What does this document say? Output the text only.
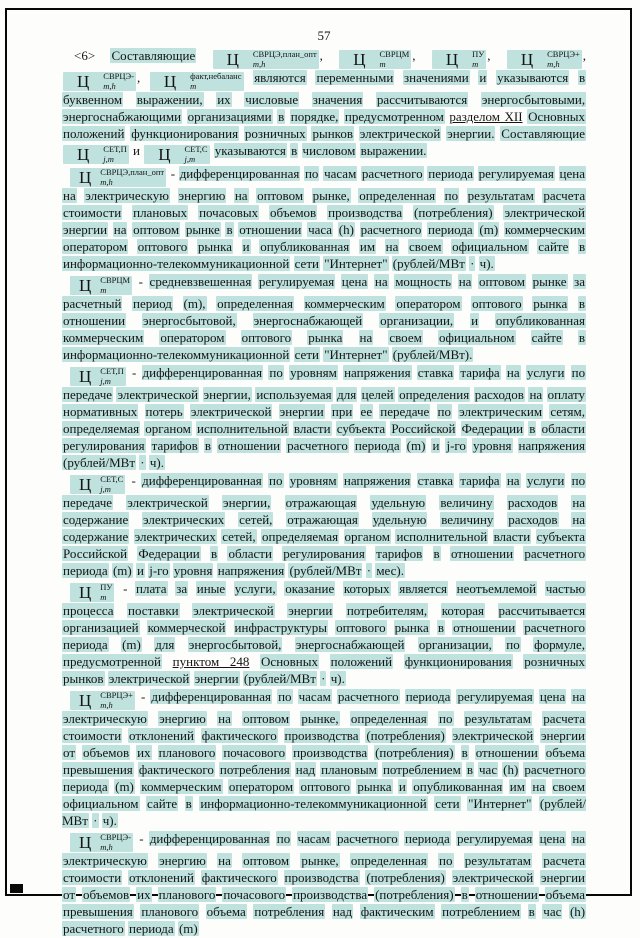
57
<6> Составляющие	Ц	СВРЦЭ,план_опт
m,h
, Ц	СВРЦМ
m
, Ц	ПУ
m
, Ц	СВРЦЭ+
m,h
,
Ц	СВРЦЭ-
m,h
, Ц	факт,небаланс
m
являются переменными значениями и указываются в буквенном выражении, их числовые значения рассчитываются энергосбытовыми, энергоснабжающими организациями в порядке, предусмотренном разделом XII Основных положений функционирования розничных рынков электрической энергии. Составляющие
Ц	СЕТ,П
j,m
и Ц	СЕТ,С
j,m
указываются в числовом выражении.
Ц	СВРЦЭ,план_опт
m,h
- дифференцированная по часам расчетного периода регулируемая цена на электрическую энергию на оптовом рынке, определенная по результатам расчета стоимости плановых почасовых объемов производства (потребления) электрической энергии на оптовом рынке в отношении часа (h) расчетного периода (m) коммерческим оператором оптового рынка и опубликованная им на своем официальном сайте в информационно-телекоммуникационной сети "Интернет" (рублей/МВт · ч).
Ц	СВРЦМ
m
- средневзвешенная регулируемая цена на мощность на оптовом рынке за расчетный период (m), определенная коммерческим оператором оптового рынка в отношении энергосбытовой, энергоснабжающей организации, и опубликованная коммерческим оператором оптового рынка на своем официальном сайте в информационно-телекоммуникационной сети "Интернет" (рублей/МВт).
Ц	СЕТ,П
j,m
- дифференцированная по уровням напряжения ставка тарифа на услуги по передаче электрической энергии, используемая для целей определения расходов на оплату нормативных потерь электрической энергии при ее передаче по электрическим сетям, определяемая органом исполнительной власти субъекта Российской Федерации в области регулирования тарифов в отношении расчетного периода (m) и j-го уровня напряжения (рублей/МВт · ч).
Ц	СЕТ,С
j,m
- дифференцированная по уровням напряжения ставка тарифа на услуги по передаче электрической энергии, отражающая удельную величину расходов на содержание электрических сетей, отражающая удельную величину расходов на содержание электрических сетей, определяемая органом исполнительной власти субъекта Российской Федерации в области регулирования тарифов в отношении расчетного периода (m) и j-го уровня напряжения (рублей/МВт · мес).
Ц	ПУ
m
- плата за иные услуги, оказание которых является неотъемлемой частью процесса поставки электрической энергии потребителям, которая рассчитывается организацией коммерческой инфраструктуры оптового рынка в отношении расчетного периода (m) для энергосбытовой, энергоснабжающей организации, по формуле, предусмотренной пунктом 248 Основных положений функционирования розничных рынков электрической энергии (рублей/МВт · ч).
Ц	СВРЦЭ+
m,h
- дифференцированная по часам расчетного периода регулируемая цена на электрическую энергию на оптовом рынке, определенная по результатам расчета стоимости отклонений фактического производства (потребления) электрической энергии от объемов их планового почасового производства (потребления) в отношении объема превышения фактического потребления над плановым потреблением в час (h) расчетного периода (m) коммерческим оператором оптового рынка и опубликованная им на своем официальном сайте в информационно-телекоммуникационной сети "Интернет" (рублей/МВт · ч).
Ц	СВРЦЭ-
m,h
- дифференцированная по часам расчетного периода регулируемая цена на электрическую энергию на оптовом рынке, определенная по результатам расчета стоимости отклонений фактического производства (потребления) электрической энергии от объемов их планового почасового производства (потребления) в отношении объема превышения планового объема потребления над фактическим потреблением в час (h) расчетного периода (m)
